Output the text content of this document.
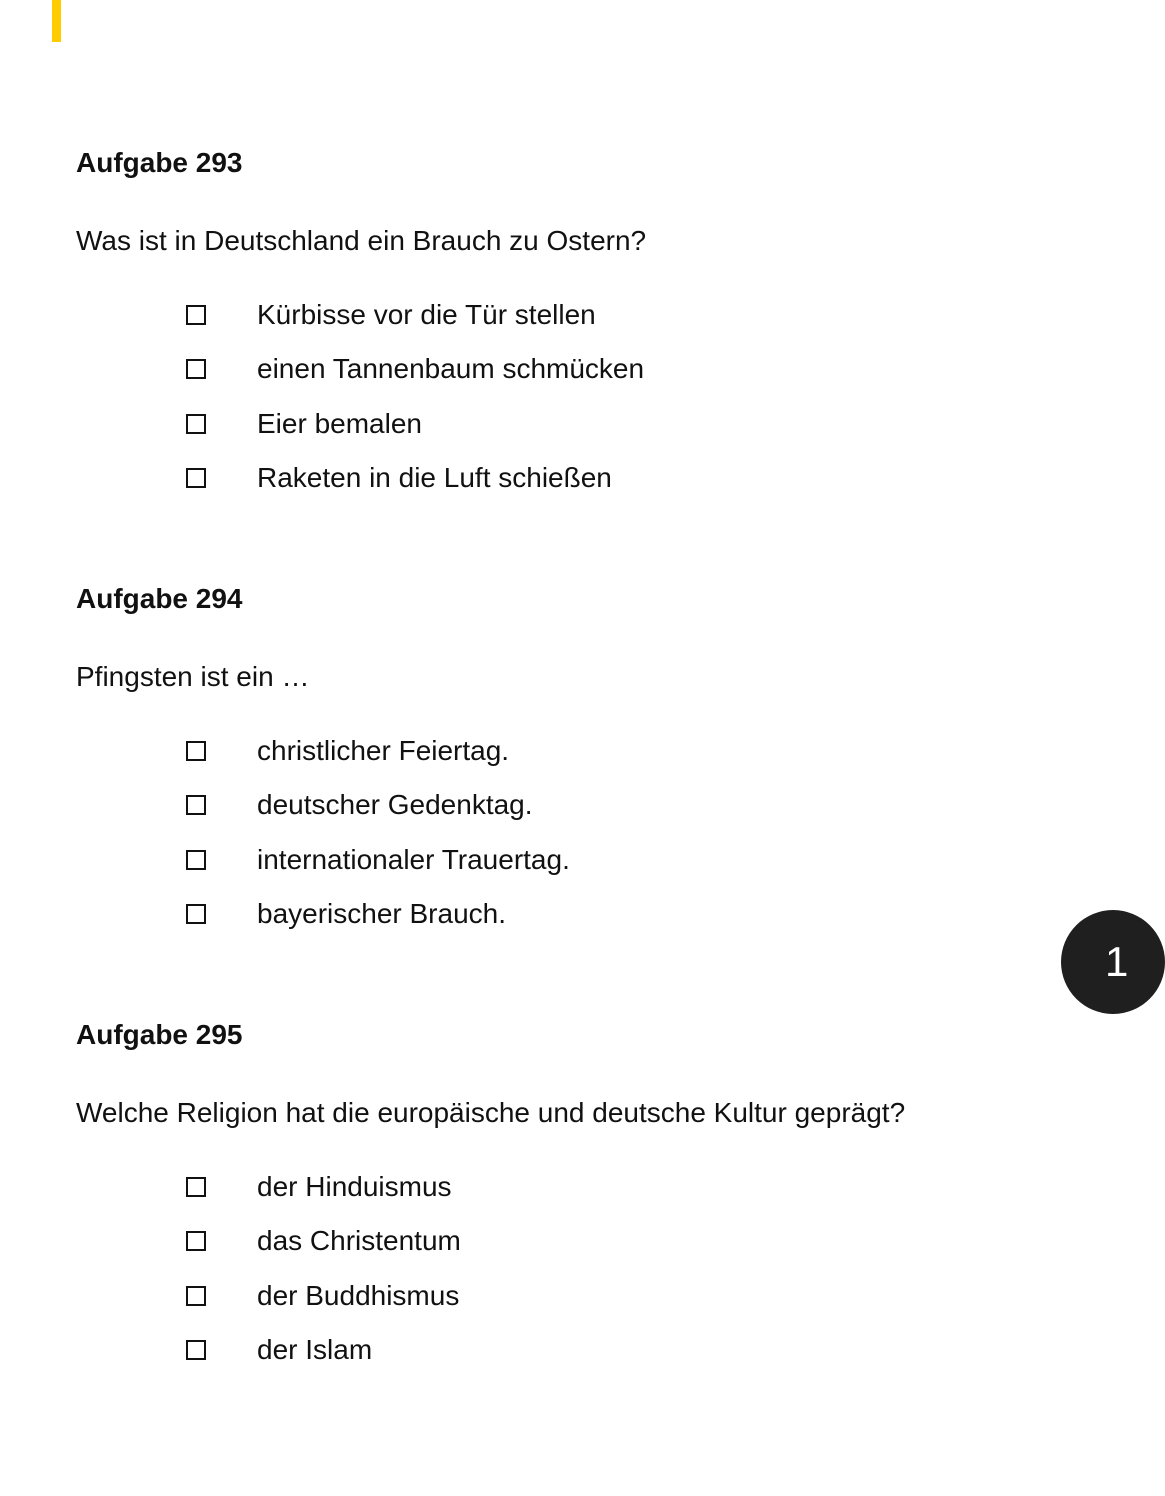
Aufgabe 293
Was ist in Deutschland ein Brauch zu Ostern?
Kürbisse vor die Tür stellen
einen Tannenbaum schmücken
Eier bemalen
Raketen in die Luft schießen
Aufgabe 294
Pfingsten ist ein …
christlicher Feiertag.
deutscher Gedenktag.
internationaler Trauertag.
bayerischer Brauch.
Aufgabe 295
Welche Religion hat die europäische und deutsche Kultur geprägt?
der Hinduismus
das Christentum
der Buddhismus
der Islam
1
